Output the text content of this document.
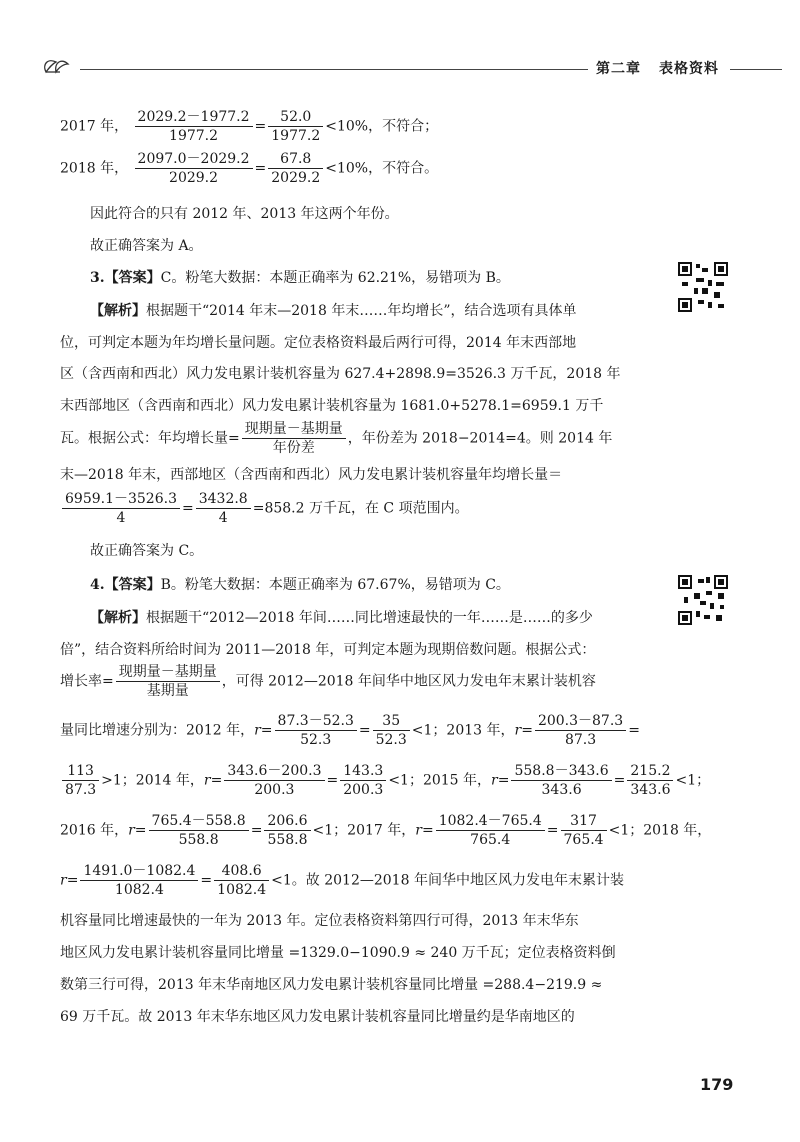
第二章 表格资料
2017 年， $\frac{2029.2-1977.2}{1977.2} = \frac{52.0}{1977.2} <10\%$，不符合；
2018 年， $\frac{2097.0-2029.2}{2029.2} = \frac{67.8}{2029.2} <10\%$，不符合。
因此符合的只有 2012 年、2013 年这两个年份。
故正确答案为 A。
3.【答案】C。粉笔大数据：本题正确率为 62.21%，易错项为 B。
【解析】根据题干“2014 年末—2018 年末……年均增长”，结合选项有具体单
位，可判定本题为年均增长量问题。定位表格资料最后两行可得，2014 年末西部地
区（含西南和西北）风力发电累计装机容量为 627.4+2898.9=3526.3 万千瓦，2018 年
末西部地区（含西南和西北）风力发电累计装机容量为 1681.0+5278.1=6959.1 万千
瓦。根据公式：年均增长量= $\frac{\text{现期量－基期量}}{\text{年份差}}$ ，年份差为 2018−2014=4。则 2014 年
末—2018 年末，西部地区（含西南和西北）风力发电累计装机容量年均增长量＝
$\frac{6959.1-3526.3}{4} = \frac{3432.8}{4} =858.2$ 万千瓦，在 C 项范围内。
故正确答案为 C。
4.【答案】B。粉笔大数据：本题正确率为 67.67%，易错项为 C。
【解析】根据题干“2012—2018 年间……同比增速最快的一年……是……的多少
倍”，结合资料所给时间为 2011—2018 年，可判定本题为现期倍数问题。根据公式：
增长率= $\frac{\text{现期量－基期量}}{\text{基期量}}$ ，可得 2012—2018 年间华中地区风力发电年末累计装机容
量同比增速分别为：2012 年，$r= \frac{87.3-52.3}{52.3} = \frac{35}{52.3} <1$；2013 年，$r= \frac{200.3-87.3}{87.3}$ =
$\frac{113}{87.3} >1$；2014 年，$r= \frac{343.6-200.3}{200.3} = \frac{143.3}{200.3} <1$；2015 年，$r= \frac{558.8-343.6}{343.6} = \frac{215.2}{343.6} <1$；
2016 年，$r= \frac{765.4-558.8}{558.8} = \frac{206.6}{558.8} <1$；2017 年，$r= \frac{1082.4-765.4}{765.4} = \frac{317}{765.4} <1$；2018 年，
$r= \frac{1491.0-1082.4}{1082.4} = \frac{408.6}{1082.4} <1$。故 2012—2018 年间华中地区风力发电年末累计装
机容量同比增速最快的一年为 2013 年。定位表格资料第四行可得，2013 年末华东
地区风力发电累计装机容量同比增量 =1329.0−1090.9 ≈ 240 万千瓦；定位表格资料倒
数第三行可得，2013 年末华南地区风力发电累计装机容量同比增量 =288.4−219.9 ≈
69 万千瓦。故 2013 年末华东地区风力发电累计装机容量同比增量约是华南地区的
179
